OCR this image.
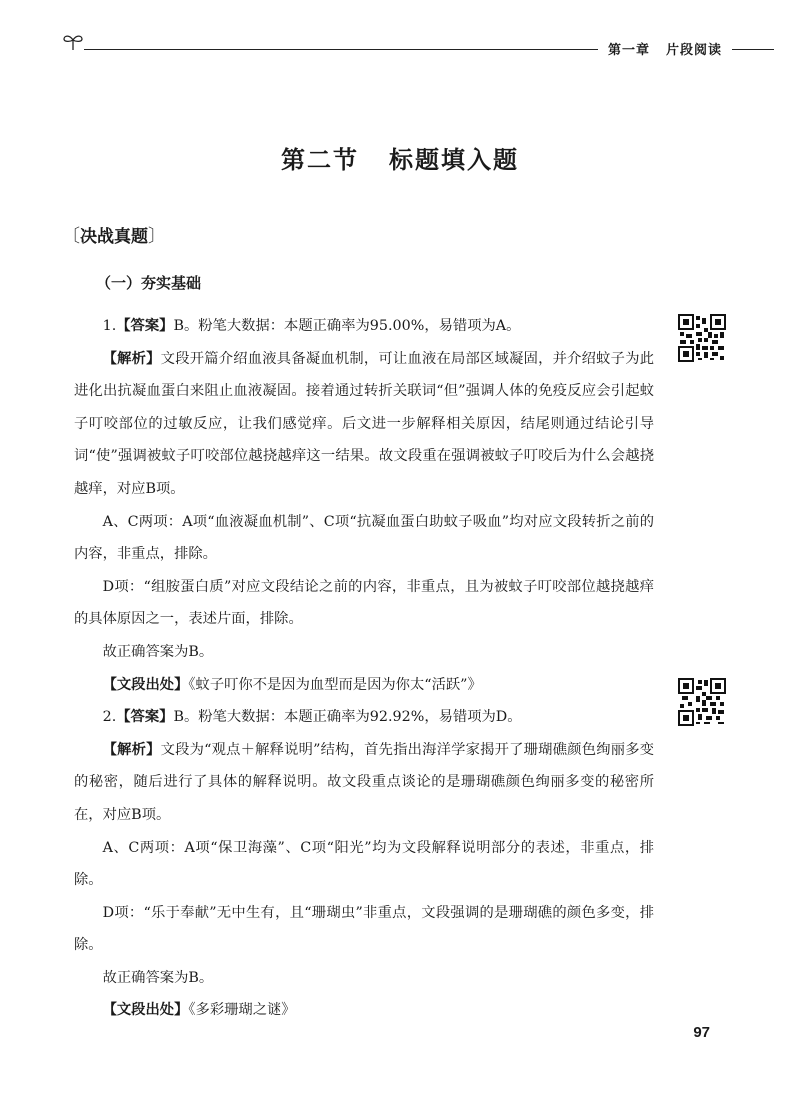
第一章 片段阅读
第二节 标题填入题
〔决战真题〕
（一）夯实基础

1.【答案】B。粉笔大数据：本题正确率为95.00%，易错项为A。

【解析】文段开篇介绍血液具备凝血机制，可让血液在局部区域凝固，并介绍蚊子为此进化出抗凝血蛋白来阻止血液凝固。接着通过转折关联词“但”强调人体的免疫反应会引起蚊子叮咬部位的过敏反应，让我们感觉痒。后文进一步解释相关原因，结尾则通过结论引导词“使”强调被蚊子叮咬部位越挠越痒这一结果。故文段重在强调被蚊子叮咬后为什么会越挠越痒，对应B项。

A、C两项：A项“血液凝血机制”、C项“抗凝血蛋白助蚊子吸血”均对应文段转折之前的内容，非重点，排除。

D项：“组胺蛋白质”对应文段结论之前的内容，非重点，且为被蚊子叮咬部位越挠越痒的具体原因之一，表述片面，排除。

故正确答案为B。

【文段出处】《蚊子叮你不是因为血型而是因为你太“活跃”》

2.【答案】B。粉笔大数据：本题正确率为92.92%，易错项为D。

【解析】文段为“观点＋解释说明”结构，首先指出海洋学家揭开了珊瑚礁颜色绚丽多变的秘密，随后进行了具体的解释说明。故文段重点谈论的是珊瑚礁颜色绚丽多变的秘密所在，对应B项。

A、C两项：A项“保卫海藻”、C项“阳光”均为文段解释说明部分的表述，非重点，排除。

D项：“乐于奉献”无中生有，且“珊瑚虫”非重点，文段强调的是珊瑚礁的颜色多变，排除。

故正确答案为B。

【文段出处】《多彩珊瑚之谜》

97
